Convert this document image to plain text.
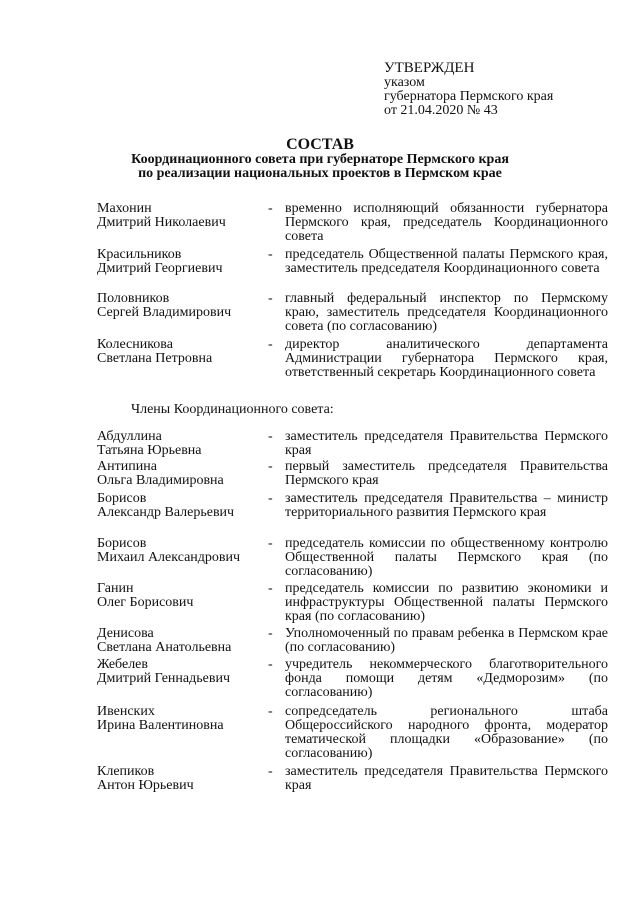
УТВЕРЖДЕН
указом
губернатора Пермского края
от 21.04.2020 № 43
СОСТАВ
Координационного совета при губернаторе Пермского края
по реализации национальных проектов в Пермском крае
Махонин
Дмитрий Николаевич
- временно исполняющий обязанности губернатора Пермского края, председатель Координационного совета
Красильников
Дмитрий Георгиевич
- председатель Общественной палаты Пермского края, заместитель председателя Координационного совета
Половников
Сергей Владимирович
- главный федеральный инспектор по Пермскому краю, заместитель председателя Координационного совета (по согласованию)
Колесникова
Светлана Петровна
- директор аналитического департамента Администрации губернатора Пермского края, ответственный секретарь Координационного совета
Члены Координационного совета:
Абдуллина
Татьяна Юрьевна
- заместитель председателя Правительства Пермского края
Антипина
Ольга Владимировна
- первый заместитель председателя Правительства Пермского края
Борисов
Александр Валерьевич
- заместитель председателя Правительства – министр территориального развития Пермского края
Борисов
Михаил Александрович
- председатель комиссии по общественному контролю Общественной палаты Пермского края (по согласованию)
Ганин
Олег Борисович
- председатель комиссии по развитию экономики и инфраструктуры Общественной палаты Пермского края (по согласованию)
Денисова
Светлана Анатольевна
- Уполномоченный по правам ребенка в Пермском крае (по согласованию)
Жебелев
Дмитрий Геннадьевич
- учредитель некоммерческого благотворительного фонда помощи детям «Дедморозим» (по согласованию)
Ивенских
Ирина Валентиновна
- сопредседатель регионального штаба Общероссийского народного фронта, модератор тематической площадки «Образование» (по согласованию)
Клепиков
Антон Юрьевич
- заместитель председателя Правительства Пермского края
